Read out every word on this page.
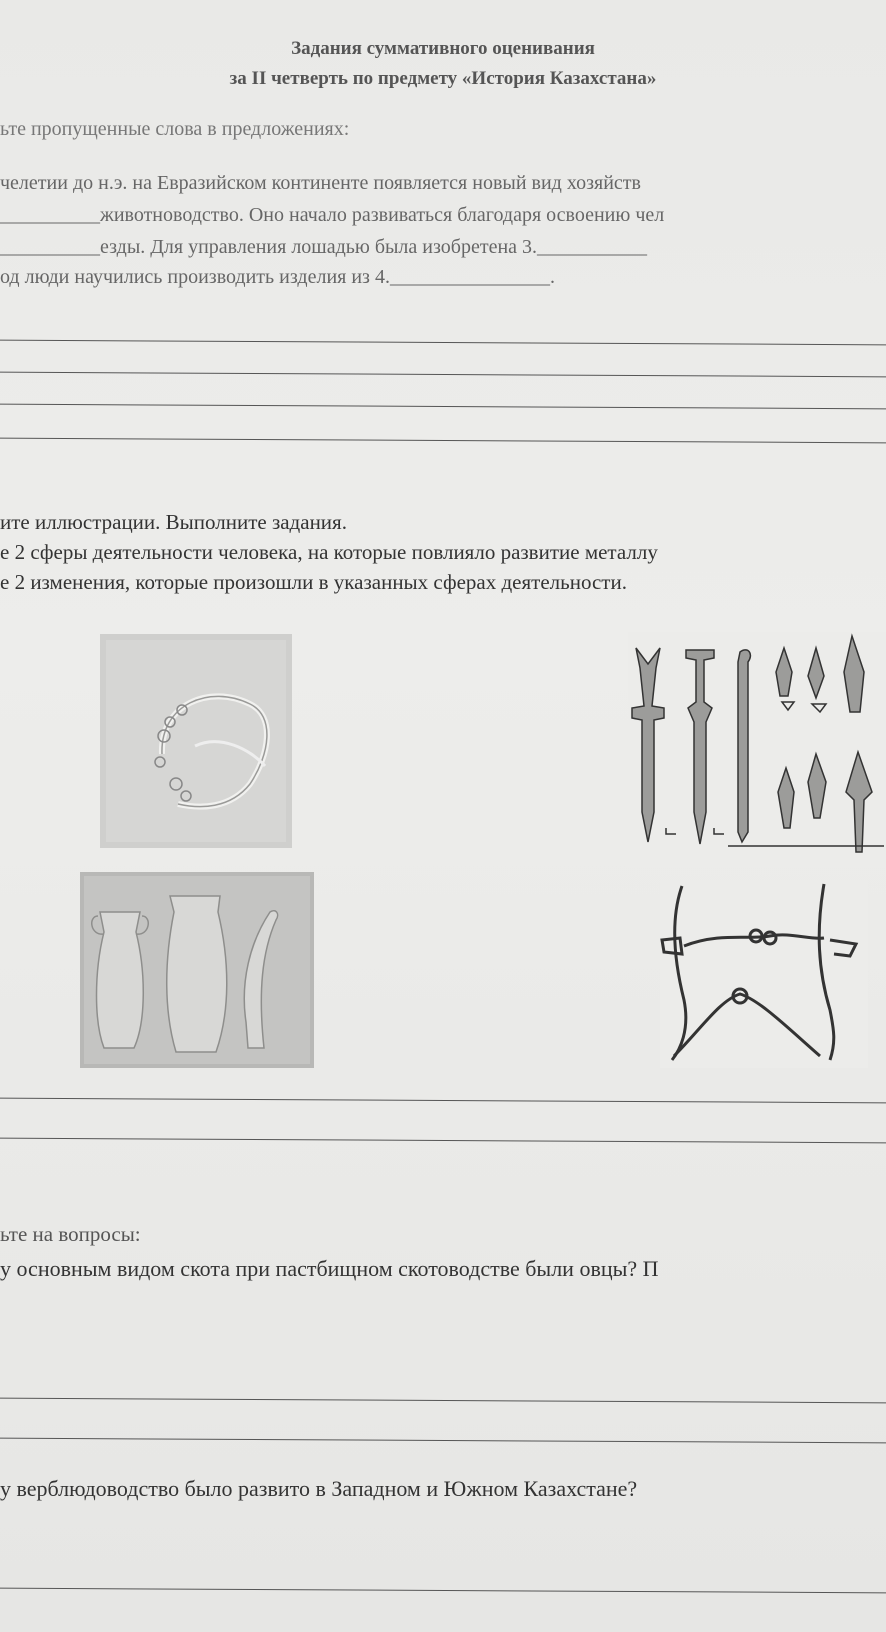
Задания суммативного оценивания
за II четверть по предмету «История Казахстана»
ьте пропущенные слова в предложениях:
челетии до н.э. на Евразийском континенте появляется новый вид хозяйств
__________животноводство. Оно начало развиваться благодаря освоению чел
__________езды. Для управления лошадью была изобретена 3.___________
од люди научились производить изделия из 4.________________.
ите иллюстрации. Выполните задания.
е 2 сферы деятельности человека, на которые повлияло развитие металлу
е 2 изменения, которые произошли в указанных сферах деятельности.
ьте на вопросы:
у основным видом скота при пастбищном скотоводстве были овцы? П
у верблюдоводство было развито в Западном и Южном Казахстане?
